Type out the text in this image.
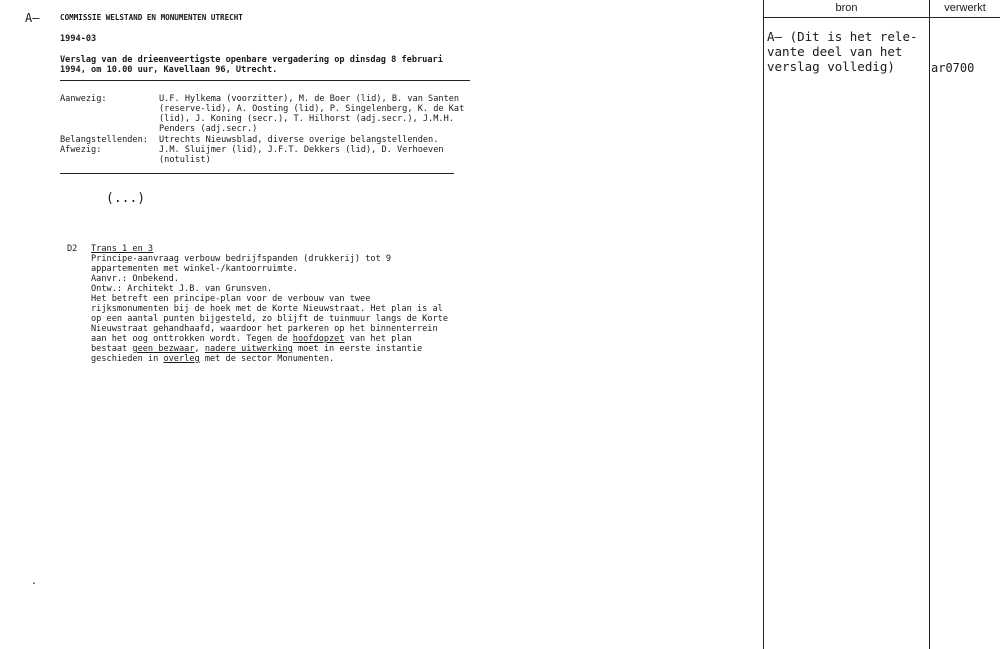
A—	COMMISSIE WELSTAND EN MONUMENTEN UTRECHT
1994-03
Verslag van de drieenveertigste openbare vergadering op dinsdag 8 februari
1994, om 10.00 uur, Kavellaan 96, Utrecht.
Aanwezig:	U.F. Hylkema (voorzitter), M. de Boer (lid), B. van Santen
(reserve-lid), A. Oosting (lid), P. Singelenberg, K. de Kat
(lid), J. Koning (secr.), T. Hilhorst (adj.secr.), J.M.H.
Penders (adj.secr.)
Belangstellenden: Utrechts Nieuwsblad, diverse overige belangstellenden.
Afwezig:	J.M. Sluijmer (lid), J.F.T. Dekkers (lid), D. Verhoeven
(notulist)
(...)
D2 Trans 1 en 3
Principe-aanvraag verbouw bedrijfspanden (drukkerij) tot 9
appartementen met winkel-/kantoorruimte.
Aanvr.: Onbekend.
Ontw.: Architekt J.B. van Grunsven.
Het betreft een principe-plan voor de verbouw van twee
rijksmonumenten bij de hoek met de Korte Nieuwstraat. Het plan is al
op een aantal punten bijgesteld, zo blijft de tuinmuur langs de Korte
Nieuwstraat gehandhaafd, waardoor het parkeren op het binnenterrein
aan het oog onttrokken wordt. Tegen de hoofdopzet van het plan
bestaat geen bezwaar, nadere uitwerking moet in eerste instantie
geschieden in overleg met de sector Monumenten.
.
bron	verwerkt
A— (Dit is het rele-
vante deel van het
verslag volledig)	ar0700
